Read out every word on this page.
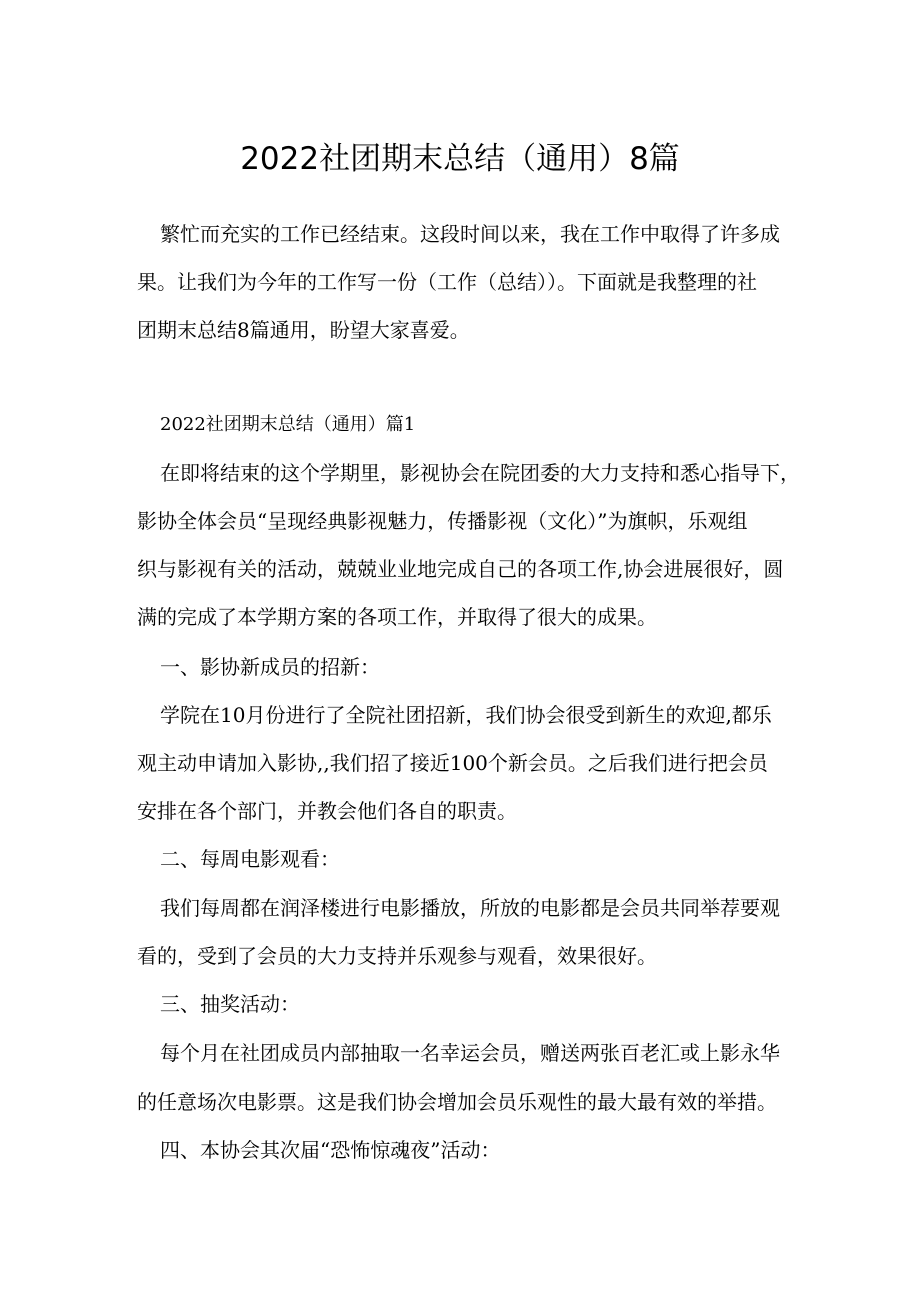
2022社团期末总结（通用）8篇

繁忙而充实的工作已经结束。这段时间以来，我在工作中取得了许多成

果。让我们为今年的工作写一份（工作（总结））。下面就是我整理的社

团期末总结8篇通用，盼望大家喜爱。

2022社团期末总结（通用）篇1

在即将结束的这个学期里，影视协会在院团委的大力支持和悉心指导下，

影协全体会员“呈现经典影视魅力，传播影视（文化）”为旗帜，乐观组

织与影视有关的活动，兢兢业业地完成自己的各项工作,协会进展很好，圆

满的完成了本学期方案的各项工作，并取得了很大的成果。

一、影协新成员的招新：

学院在10月份进行了全院社团招新，我们协会很受到新生的欢迎,都乐

观主动申请加入影协,,我们招了接近100个新会员。之后我们进行把会员

安排在各个部门，并教会他们各自的职责。

二、每周电影观看：

我们每周都在润泽楼进行电影播放，所放的电影都是会员共同举荐要观

看的，受到了会员的大力支持并乐观参与观看，效果很好。

三、抽奖活动：

每个月在社团成员内部抽取一名幸运会员，赠送两张百老汇或上影永华

的任意场次电影票。这是我们协会增加会员乐观性的最大最有效的举措。

四、本协会其次届“恐怖惊魂夜”活动：
